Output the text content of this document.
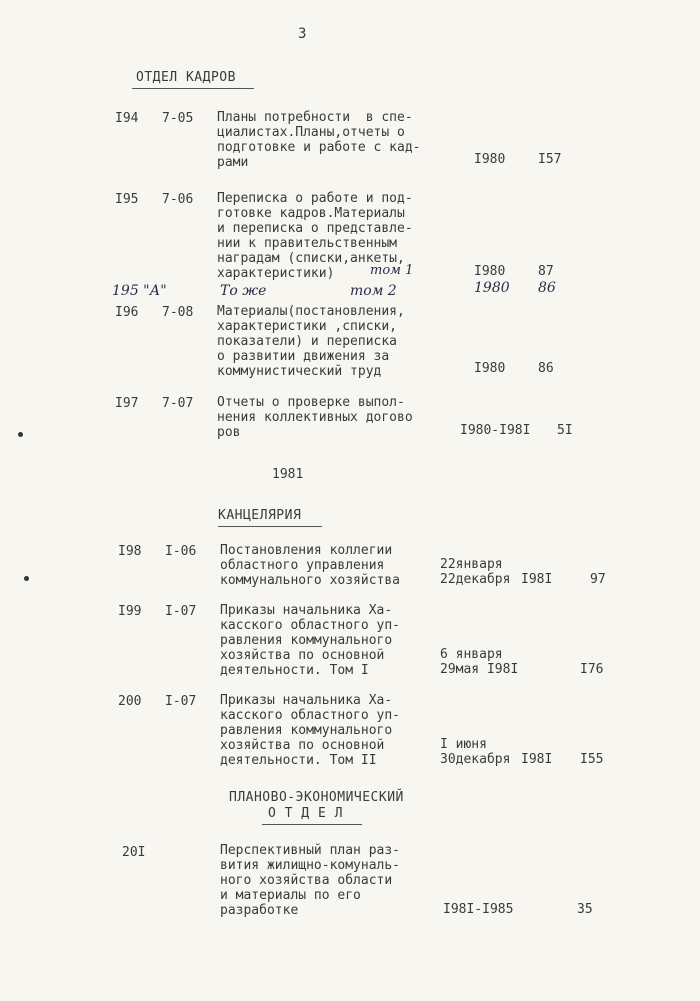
3
ОТДЕЛ КАДРОВ
I94 7-05 Планы потребности  в спе-
циалистах.Планы,отчеты о
подготовке и работе с кад-
рами	I980	I57
I95 7-06 Переписка о работе и под-
готовке кадров.Материалы
и переписка о представле-
нии к правительственным
наградам (списки,анкеты,
характеристики)	том 1	I980	87
195 "А"	То же	том 2	1980 86
I96 7-08 Материалы(постановления,
характеристики ,списки,
показатели) и переписка
о развитии движения за
коммунистический труд	I980	86
I97 7-07 Отчеты о проверке выпол-
нения коллективных догово
ров	I980-I98I 5I
1981
КАНЦЕЛЯРИЯ
I98 I-06 Постановления коллегии
областного управления
коммунального хозяйства
22января
22декабря I98I	97
I99 I-07 Приказы начальника Ха-
касского областного уп-
равления коммунального
хозяйства по основной
деятельности. Том I
6 января
29мая I98I	I76
200 I-07 Приказы начальника Ха-
касского областного уп-
равления коммунального
хозяйства по основной
деятельности. Том II
I июня
30декабря I98I I55
ПЛАНОВО-ЭКОНОМИЧЕСКИЙ
О Т Д Е Л
20I	Перспективный план раз-
вития жилищно-комуналь-
ного хозяйства области
и материалы по его
разработке	I98I-I985	35
